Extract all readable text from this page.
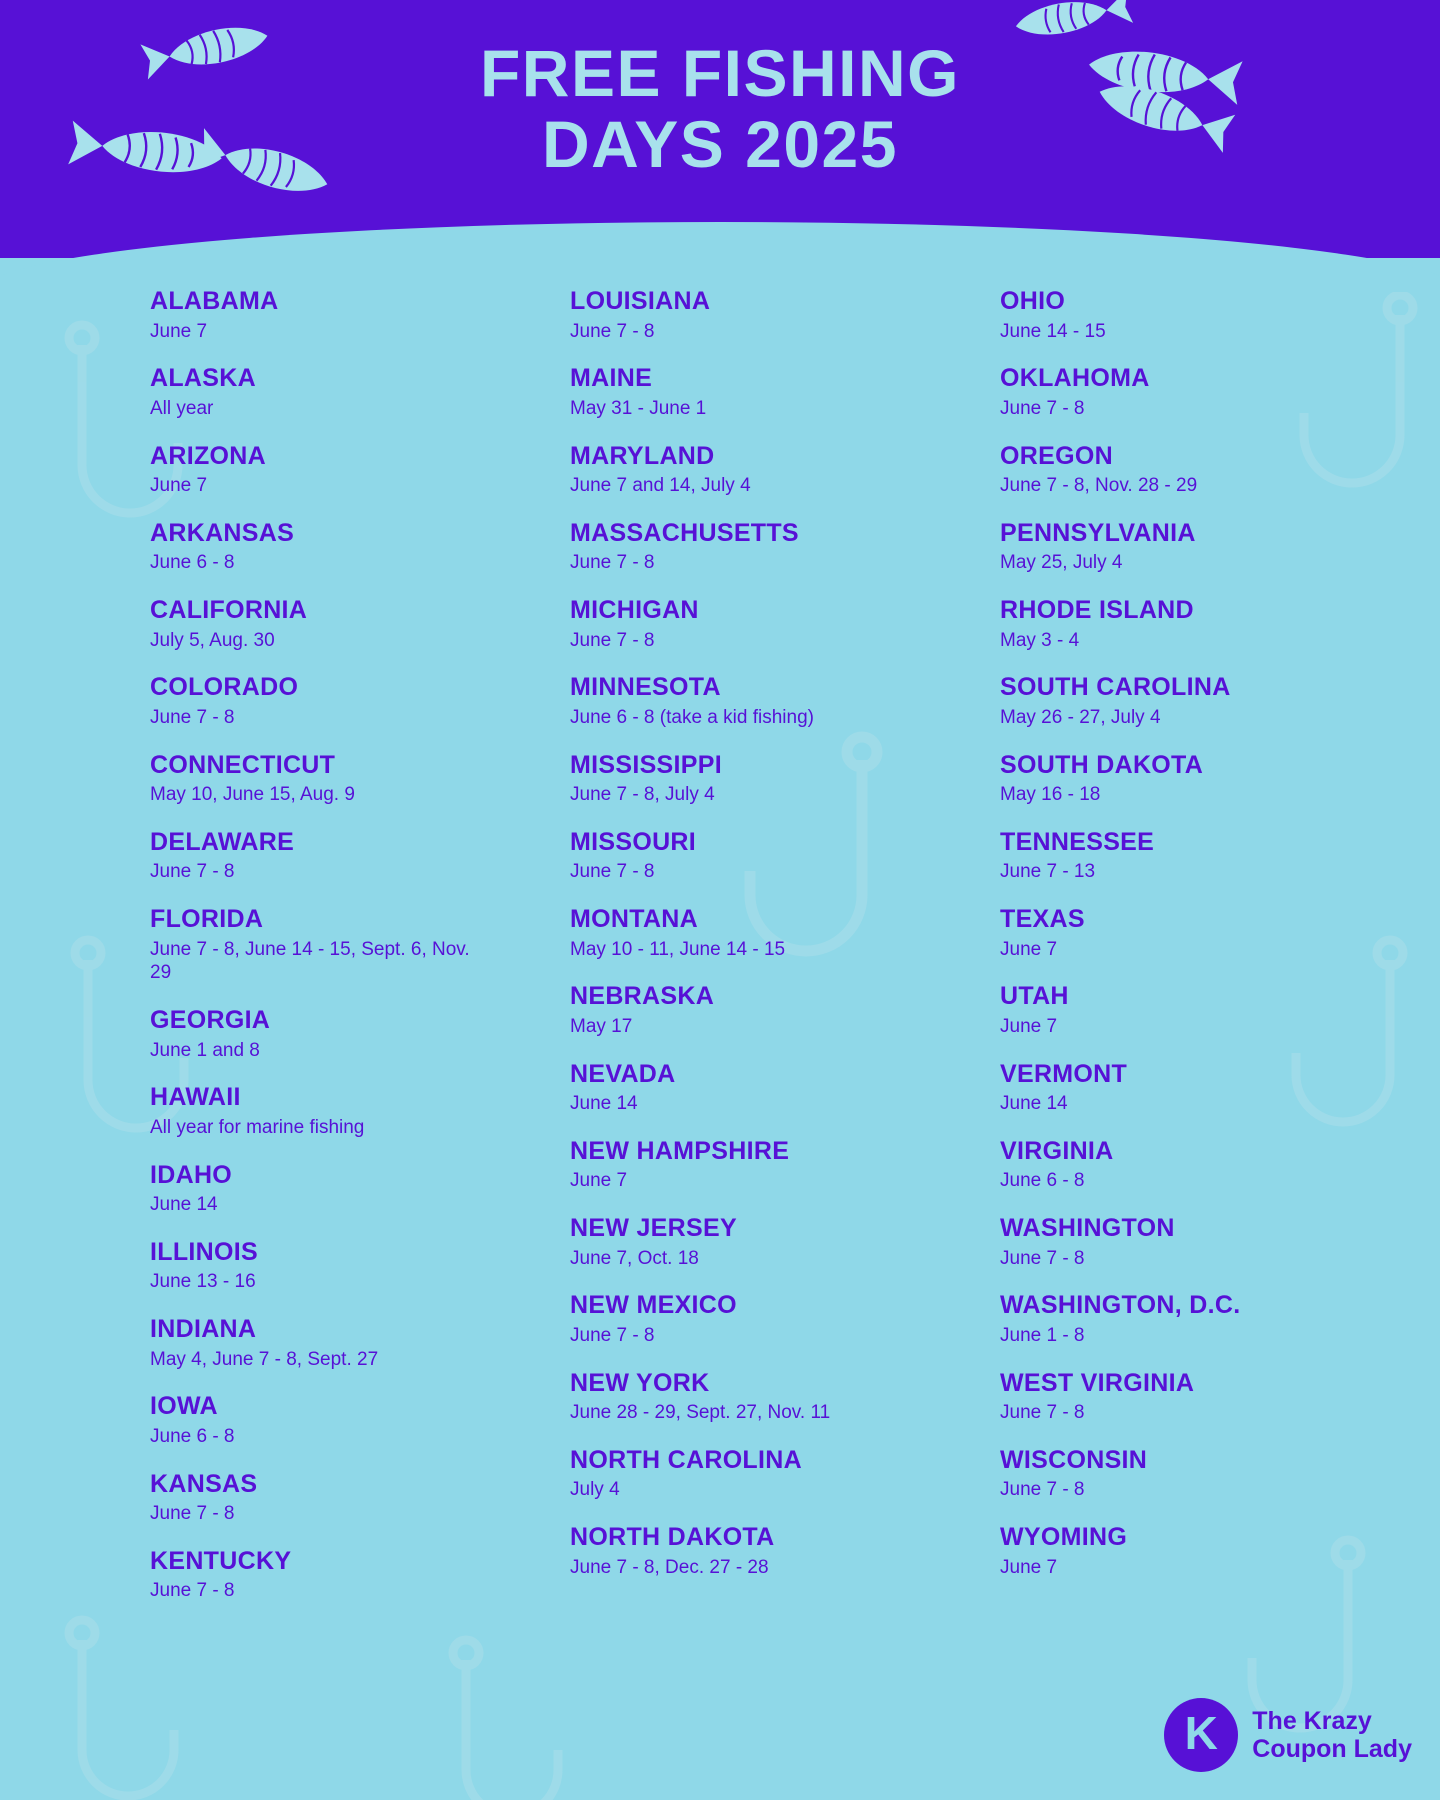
FREE FISHING
DAYS 2025

ALABAMA

June 7

ALASKA

All year

ARIZONA

June 7

ARKANSAS

June 6 - 8

CALIFORNIA

July 5, Aug. 30

COLORADO

June 7 - 8

CONNECTICUT

May 10, June 15, Aug. 9

DELAWARE

June 7 - 8

FLORIDA

June 7 - 8, June 14 - 15, Sept. 6, Nov. 29

GEORGIA

June 1 and 8

HAWAII

All year for marine fishing

IDAHO

June 14

ILLINOIS

June 13 - 16

INDIANA

May 4, June 7 - 8, Sept. 27

IOWA

June 6 - 8

KANSAS

June 7 - 8

KENTUCKY

June 7 - 8

LOUISIANA

June 7 - 8

MAINE

May 31 - June 1

MARYLAND

June 7 and 14, July 4

MASSACHUSETTS

June 7 - 8

MICHIGAN

June 7 - 8

MINNESOTA

June 6 - 8 (take a kid fishing)

MISSISSIPPI

June 7 - 8, July 4

MISSOURI

June 7 - 8

MONTANA

May 10 - 11, June 14 - 15

NEBRASKA

May 17

NEVADA

June 14

NEW HAMPSHIRE

June 7

NEW JERSEY

June 7, Oct. 18

NEW MEXICO

June 7 - 8

NEW YORK

June 28 - 29, Sept. 27, Nov. 11

NORTH CAROLINA

July 4

NORTH DAKOTA

June 7 - 8, Dec. 27 - 28

OHIO

June 14 - 15

OKLAHOMA

June 7 - 8

OREGON

June 7 - 8, Nov. 28 - 29

PENNSYLVANIA

May 25, July 4

RHODE ISLAND

May 3 - 4

SOUTH CAROLINA

May 26 - 27, July 4

SOUTH DAKOTA

May 16 - 18

TENNESSEE

June 7 - 13

TEXAS

June 7

UTAH

June 7

VERMONT

June 14

VIRGINIA

June 6 - 8

WASHINGTON

June 7 - 8

WASHINGTON, D.C.

June 1 - 8

WEST VIRGINIA

June 7 - 8

WISCONSIN

June 7 - 8

WYOMING

June 7

K	The Krazy
Coupon Lady
